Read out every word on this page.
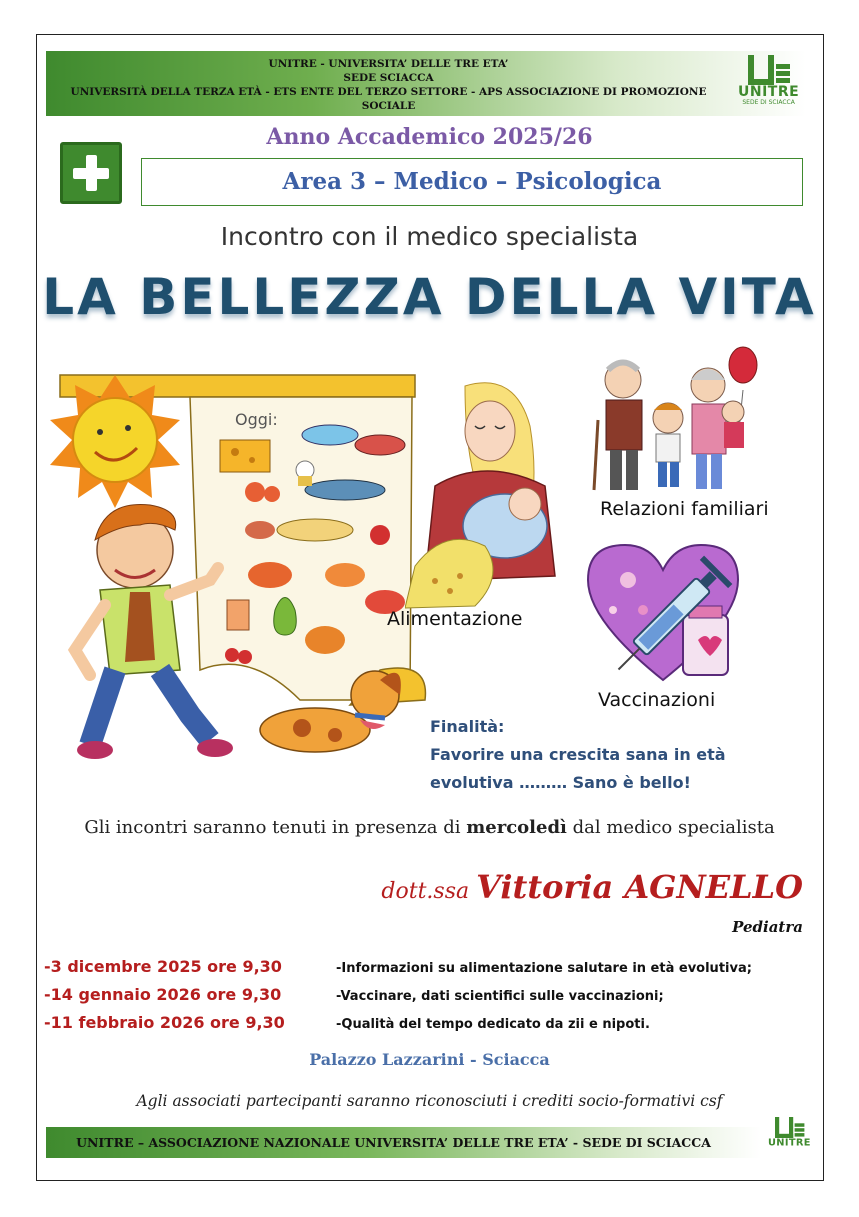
UNITRE - UNIVERSITA’ DELLE TRE ETA’
SEDE SCIACCA
UNIVERSITÀ DELLA TERZA ETÀ - ETS ENTE DEL TERZO SETTORE - APS ASSOCIAZIONE DI PROMOZIONE SOCIALE
UNITRE
SEDE DI SCIACCA
Anno Accademico 2025/26
Area 3 – Medico – Psicologica
Incontro con il medico specialista
LA BELLEZZA DELLA VITA
Oggi:
Alimentazione
Relazioni familiari
Vaccinazioni
Finalità:
Favorire una crescita sana in età
evolutiva ……… Sano è bello!
Gli incontri saranno tenuti in presenza di mercoledì dal medico specialista
dott.ssa Vittoria AGNELLO
Pediatra
-3 dicembre 2025 ore 9,30	-Informazioni su alimentazione salutare in età evolutiva;
-14 gennaio 2026 ore 9,30	-Vaccinare, dati scientifici sulle vaccinazioni;
-11 febbraio 2026 ore 9,30	-Qualità del tempo dedicato da zii e nipoti.
Palazzo Lazzarini - Sciacca
Agli associati partecipanti saranno riconosciuti i crediti socio-formativi csf
UNITRE – ASSOCIAZIONE NAZIONALE UNIVERSITA’ DELLE TRE ETA’ - SEDE DI SCIACCA	UNITRE
